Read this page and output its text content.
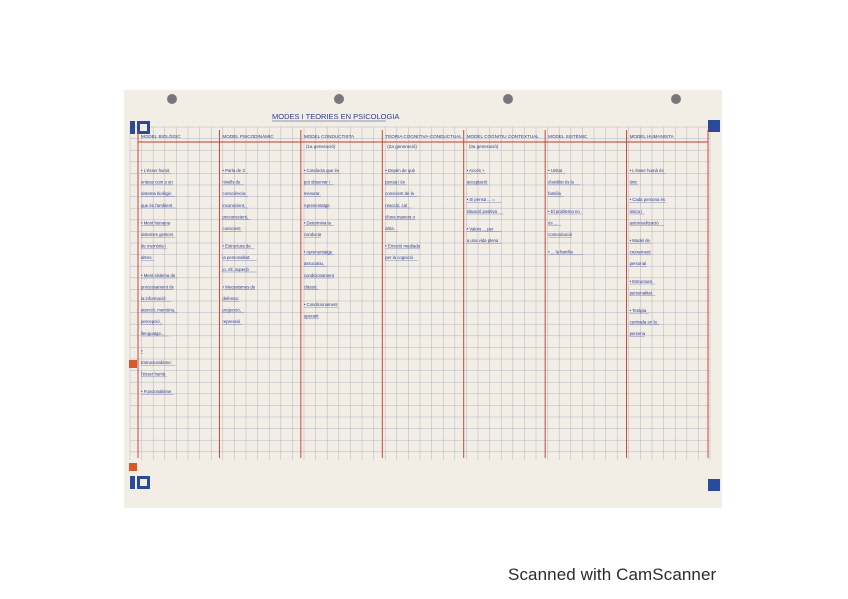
MODES I TEORIES EN PSICOLOGIA
MODEL BIOLÒGIC
• L'ésser humà
entesa com a un
sistema biològic
que és l'ambient
• Ment humana
sistemes gestors
de memòria i
altres
• Ment sistema de
processament de
la informació:
atenció, memòria,
percepció,
llenguatge...
•
Estructuralisme:
l'ésser humà
• Funcionalisme
MODEL PSICODINÀMIC
• Parla de 3
nivells de
consciència:
inconscient,
preconscient,
conscient
• Estructura de
la personalitat:
jo, ell, superjò
• Mecanismes de
defensa:
projecció,
repressió
MODEL CONDUCTISTA
(1a generació)
• Conducta que és
pot observar i
mesurar.
Aprenentatge
• Determina la
conducta
• Aprenentatge
associatiu,
condicionament
clàssic
• Condicionament
operant
TEORIA COGNITIVA-CONDUCTUAL
(2a generació)
• Depèn de què
pensa i és
conscient de la
reacció, cal
d'una manera o
altra.
• Emoció mediada
per la cognició
MODEL COGNITIU CONTEXTUAL
(3a generació)
• Accés +
acceptació
• Si pensa ... =
situació positiva
• Valors ... per
a una vida plena
MODEL SISTÈMIC
• Unitat
d'anàlisi és la
família
• El problema no
és ...
comunicació
• ... la família
MODEL HUMANISTA
• L'ésser humà és
únic
• Cada persona és
única i
autorrealització
• Model de
creixement
personal
• Estructura
personalitat
• Teràpia
centrada en la
persona
Scanned with CamScanner
